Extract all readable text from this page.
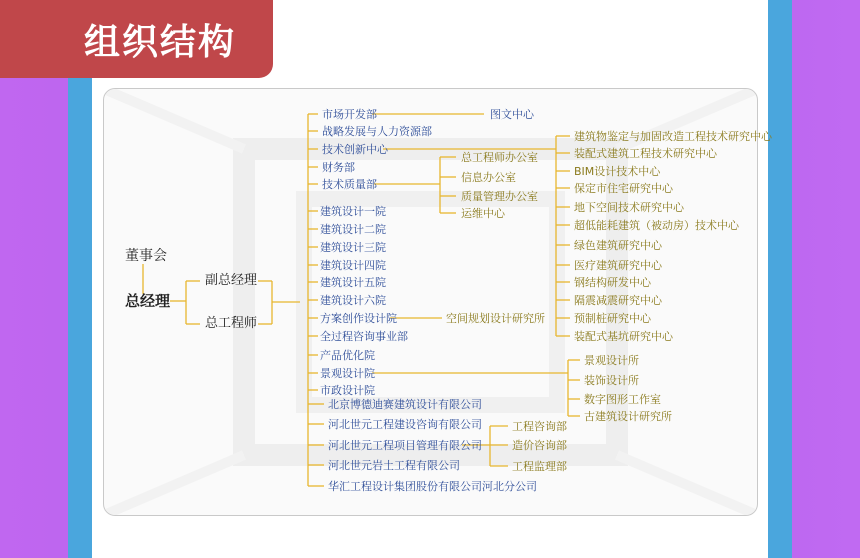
组织结构
董事会
总经理
副总经理
总工程师
市场开发部
战略发展与人力资源部
技术创新中心
财务部
技术质量部
图文中心
总工程师办公室
信息办公室
质量管理办公室
运维中心
建筑设计一院
建筑设计二院
建筑设计三院
建筑设计四院
建筑设计五院
建筑设计六院
方案创作设计院
全过程咨询事业部
产品优化院
景观设计院
市政设计院
空间规划设计研究所
建筑物鉴定与加固改造工程技术研究中心
装配式建筑工程技术研究中心
BIM设计技术中心
保定市住宅研究中心
地下空间技术研究中心
超低能耗建筑（被动房）技术中心
绿色建筑研究中心
医疗建筑研究中心
钢结构研发中心
隔震减震研究中心
预制桩研究中心
装配式基坑研究中心
景观设计所
装饰设计所
数字图形工作室
古建筑设计研究所
北京博德迪赛建筑设计有限公司
河北世元工程建设咨询有限公司
河北世元工程项目管理有限公司
河北世元岩土工程有限公司
华汇工程设计集团股份有限公司河北分公司
工程咨询部
造价咨询部
工程监理部
